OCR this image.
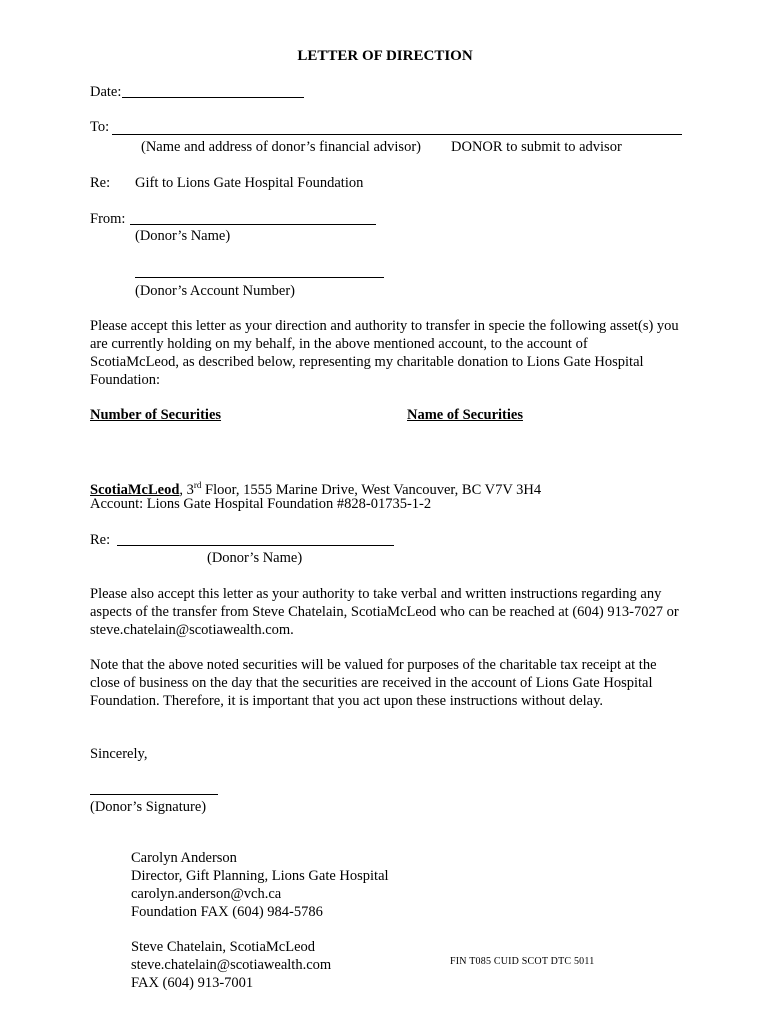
LETTER OF DIRECTION
Date:
To:
(Name and address of donor’s financial advisor) DONOR to submit to advisor
Re: Gift to Lions Gate Hospital Foundation
From:
(Donor’s Name)
(Donor’s Account Number)
Please accept this letter as your direction and authority to transfer in specie the following asset(s) you are currently holding on my behalf, in the above mentioned account, to the account of ScotiaMcLeod, as described below, representing my charitable donation to Lions Gate Hospital Foundation:
Number of Securities	Name of Securities
ScotiaMcLeod, 3rd Floor, 1555 Marine Drive, West Vancouver, BC V7V 3H4
Account: Lions Gate Hospital Foundation #828-01735-1-2
Re:
(Donor’s Name)
Please also accept this letter as your authority to take verbal and written instructions regarding any aspects of the transfer from Steve Chatelain, ScotiaMcLeod who can be reached at (604) 913-7027 or steve.chatelain@scotiawealth.com.
Note that the above noted securities will be valued for purposes of the charitable tax receipt at the close of business on the day that the securities are received in the account of Lions Gate Hospital Foundation. Therefore, it is important that you act upon these instructions without delay.
Sincerely,
(Donor’s Signature)
Carolyn Anderson
Director, Gift Planning, Lions Gate Hospital
carolyn.anderson@vch.ca
Foundation FAX (604) 984-5786
Steve Chatelain, ScotiaMcLeod
steve.chatelain@scotiawealth.com
FAX (604) 913-7001
FIN T085 CUID SCOT DTC 5011
